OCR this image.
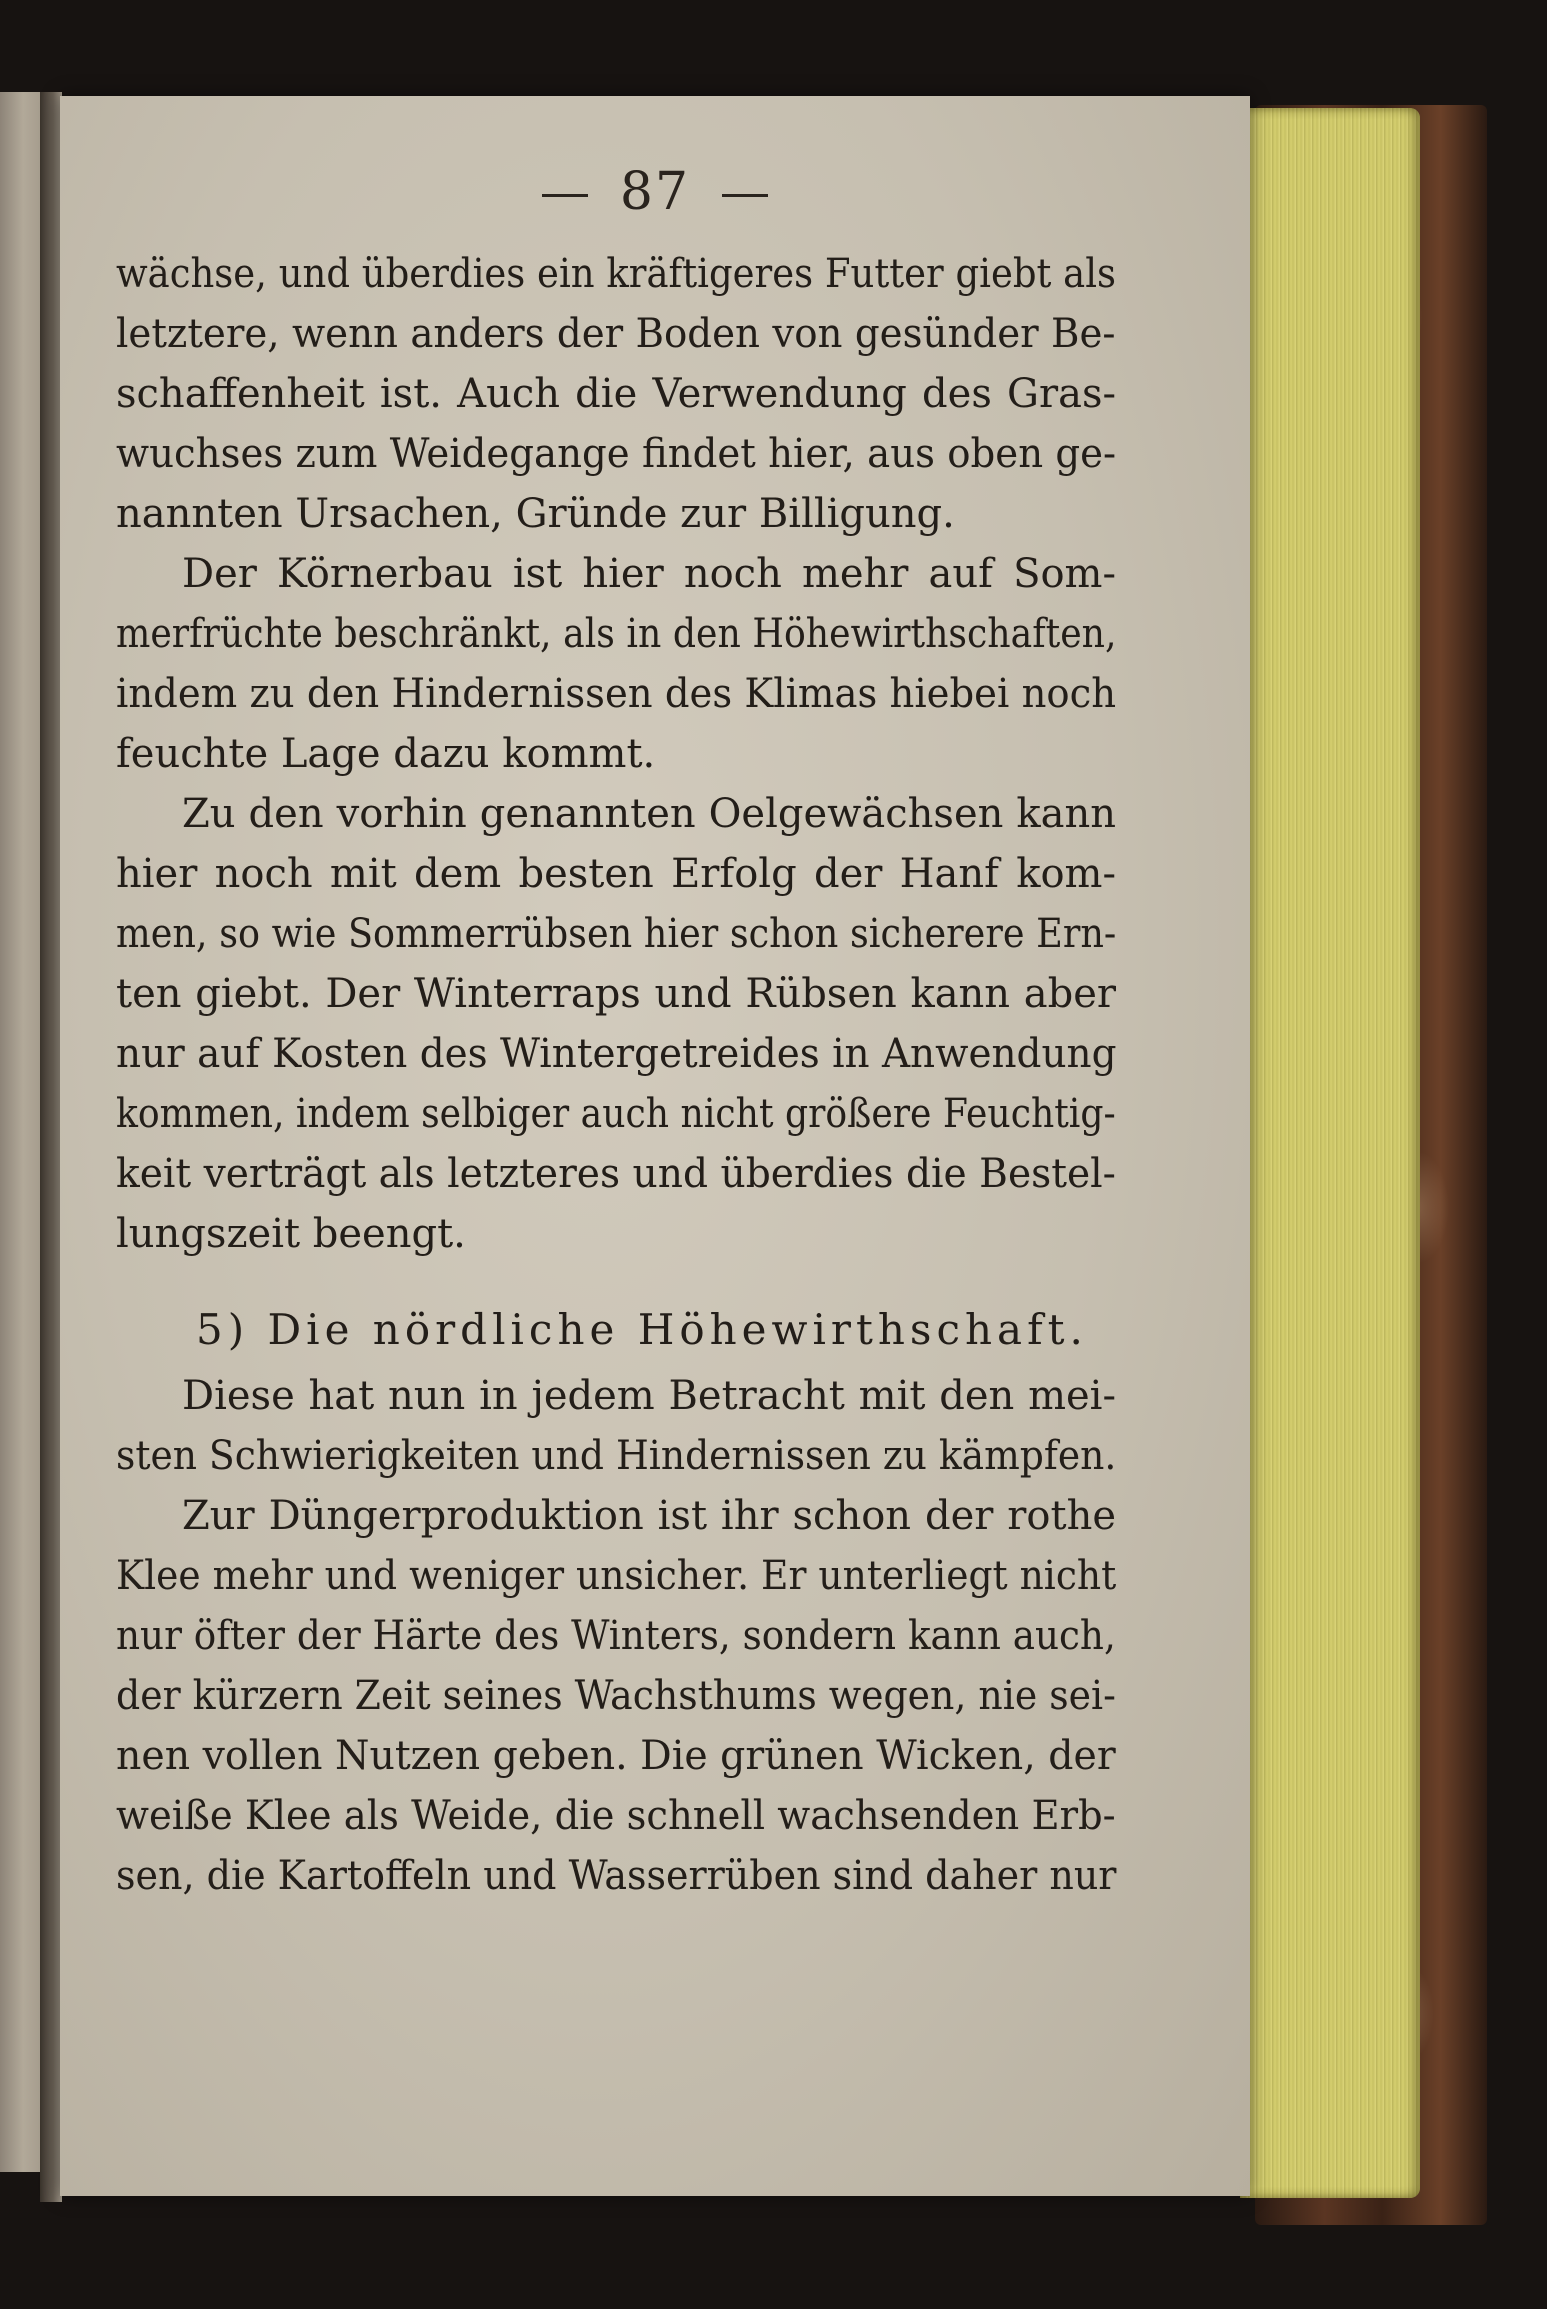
87
wächse, und überdies ein kräftigeres Futter giebt als
letztere, wenn anders der Boden von gesünder Be-
schaffenheit ist. Auch die Verwendung des Gras-
wuchses zum Weidegange findet hier, aus oben ge-
nannten Ursachen, Gründe zur Billigung.
Der Körnerbau ist hier noch mehr auf Som-
merfrüchte beschränkt, als in den Höhewirthschaften,
indem zu den Hindernissen des Klimas hiebei noch
feuchte Lage dazu kommt.
Zu den vorhin genannten Oelgewächsen kann
hier noch mit dem besten Erfolg der Hanf kom-
men, so wie Sommerrübsen hier schon sicherere Ern-
ten giebt. Der Winterraps und Rübsen kann aber
nur auf Kosten des Wintergetreides in Anwendung
kommen, indem selbiger auch nicht größere Feuchtig-
keit verträgt als letzteres und überdies die Bestel-
lungszeit beengt.
5) Die nördliche Höhewirthschaft.
Diese hat nun in jedem Betracht mit den mei-
sten Schwierigkeiten und Hindernissen zu kämpfen.
Zur Düngerproduktion ist ihr schon der rothe
Klee mehr und weniger unsicher. Er unterliegt nicht
nur öfter der Härte des Winters, sondern kann auch,
der kürzern Zeit seines Wachsthums wegen, nie sei-
nen vollen Nutzen geben. Die grünen Wicken, der
weiße Klee als Weide, die schnell wachsenden Erb-
sen, die Kartoffeln und Wasserrüben sind daher nur
